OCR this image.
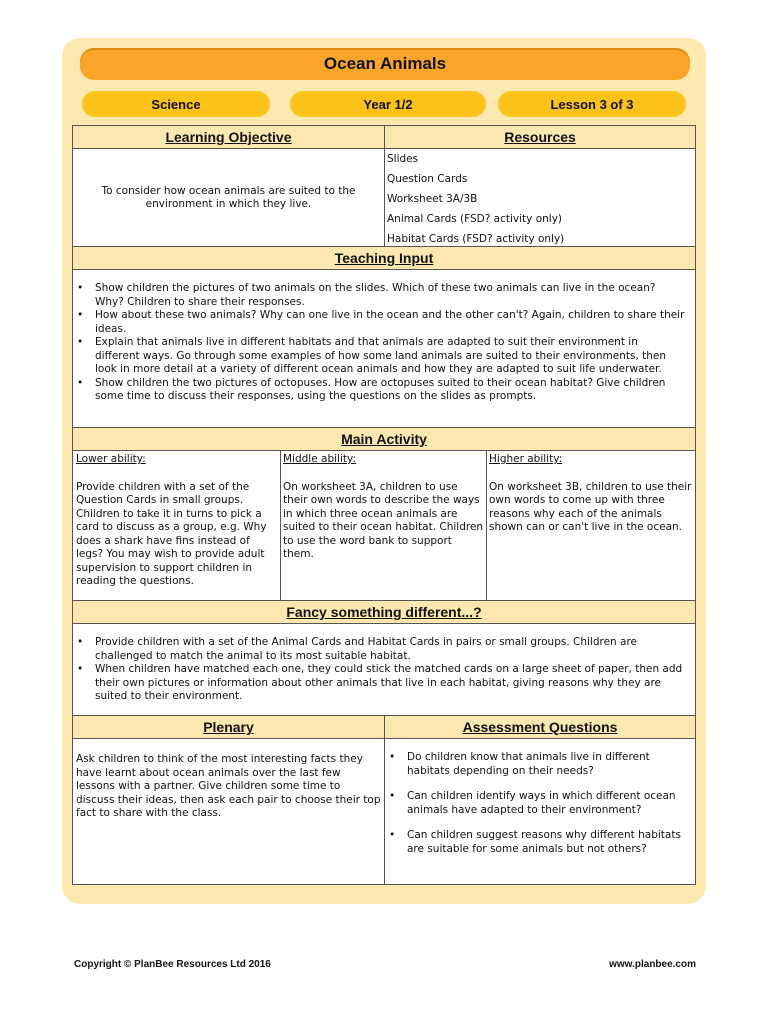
Ocean Animals
Science	Year 1/2	Lesson 3 of 3
Learning Objective	Resources
To consider how ocean animals are suited to the environment in which they live.
Slides
Question Cards
Worksheet 3A/3B
Animal Cards (FSD? activity only)
Habitat Cards (FSD? activity only)
Teaching Input
• Show children the pictures of two animals on the slides. Which of these two animals can live in the ocean? Why? Children to share their responses.
• How about these two animals? Why can one live in the ocean and the other can't? Again, children to share their ideas.
• Explain that animals live in different habitats and that animals are adapted to suit their environment in different ways. Go through some examples of how some land animals are suited to their environments, then look in more detail at a variety of different ocean animals and how they are adapted to suit life underwater.
• Show children the two pictures of octopuses. How are octopuses suited to their ocean habitat? Give children some time to discuss their responses, using the questions on the slides as prompts.
Main Activity
Lower ability:
Provide children with a set of the Question Cards in small groups. Children to take it in turns to pick a card to discuss as a group, e.g. Why does a shark have fins instead of legs? You may wish to provide adult supervision to support children in reading the questions.
Middle ability:
On worksheet 3A, children to use their own words to describe the ways in which three ocean animals are suited to their ocean habitat. Children to use the word bank to support them.
Higher ability:
On worksheet 3B, children to use their own words to come up with three reasons why each of the animals shown can or can't live in the ocean.
Fancy something different...?
• Provide children with a set of the Animal Cards and Habitat Cards in pairs or small groups. Children are challenged to match the animal to its most suitable habitat.
• When children have matched each one, they could stick the matched cards on a large sheet of paper, then add their own pictures or information about other animals that live in each habitat, giving reasons why they are suited to their environment.
Plenary	Assessment Questions
Ask children to think of the most interesting facts they have learnt about ocean animals over the last few lessons with a partner. Give children some time to discuss their ideas, then ask each pair to choose their top fact to share with the class.
• Do children know that animals live in different habitats depending on their needs?
• Can children identify ways in which different ocean animals have adapted to their environment?
• Can children suggest reasons why different habitats are suitable for some animals but not others?
Copyright © PlanBee Resources Ltd 2016	www.planbee.com
